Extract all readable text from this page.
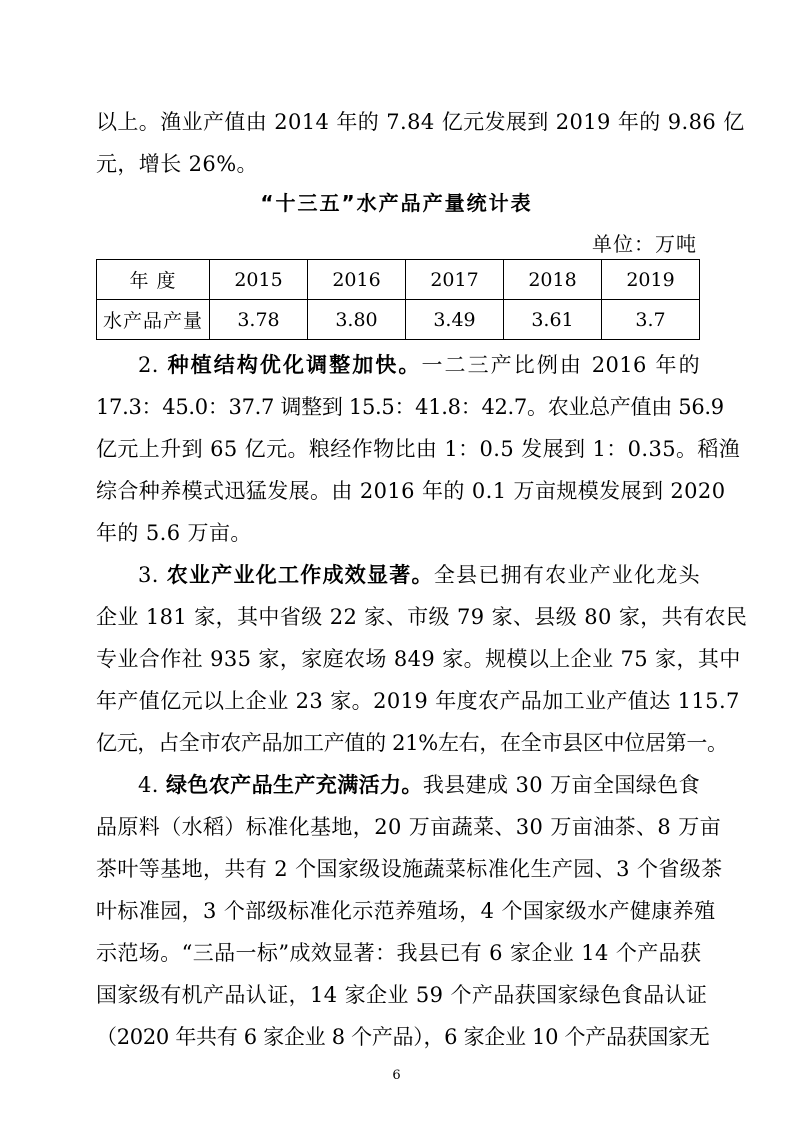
以上。渔业产值由 2014 年的 7.84 亿元发展到 2019 年的 9.86 亿
元，增长 26%。
“十三五”水产品产量统计表
单位：万吨
年 度	2015	2016	2017	2018	2019
水产品产量	3.78	3.80	3.49	3.61	3.7
2. 种植结构优化调整加快。一二三产比例由 2016 年的
17.3：45.0：37.7 调整到 15.5：41.8：42.7。农业总产值由 56.9
亿元上升到 65 亿元。粮经作物比由 1：0.5 发展到 1：0.35。稻渔
综合种养模式迅猛发展。由 2016 年的 0.1 万亩规模发展到 2020
年的 5.6 万亩。
3. 农业产业化工作成效显著。全县已拥有农业产业化龙头
企业 181 家，其中省级 22 家、市级 79 家、县级 80 家，共有农民
专业合作社 935 家，家庭农场 849 家。规模以上企业 75 家，其中
年产值亿元以上企业 23 家。2019 年度农产品加工业产值达 115.7
亿元，占全市农产品加工产值的 21%左右，在全市县区中位居第一。
4. 绿色农产品生产充满活力。我县建成 30 万亩全国绿色食
品原料（水稻）标准化基地，20 万亩蔬菜、30 万亩油茶、8 万亩
茶叶等基地，共有 2 个国家级设施蔬菜标准化生产园、3 个省级茶
叶标准园，3 个部级标准化示范养殖场，4 个国家级水产健康养殖
示范场。“三品一标”成效显著：我县已有 6 家企业 14 个产品获
国家级有机产品认证，14 家企业 59 个产品获国家绿色食品认证
（2020 年共有 6 家企业 8 个产品），6 家企业 10 个产品获国家无
6
